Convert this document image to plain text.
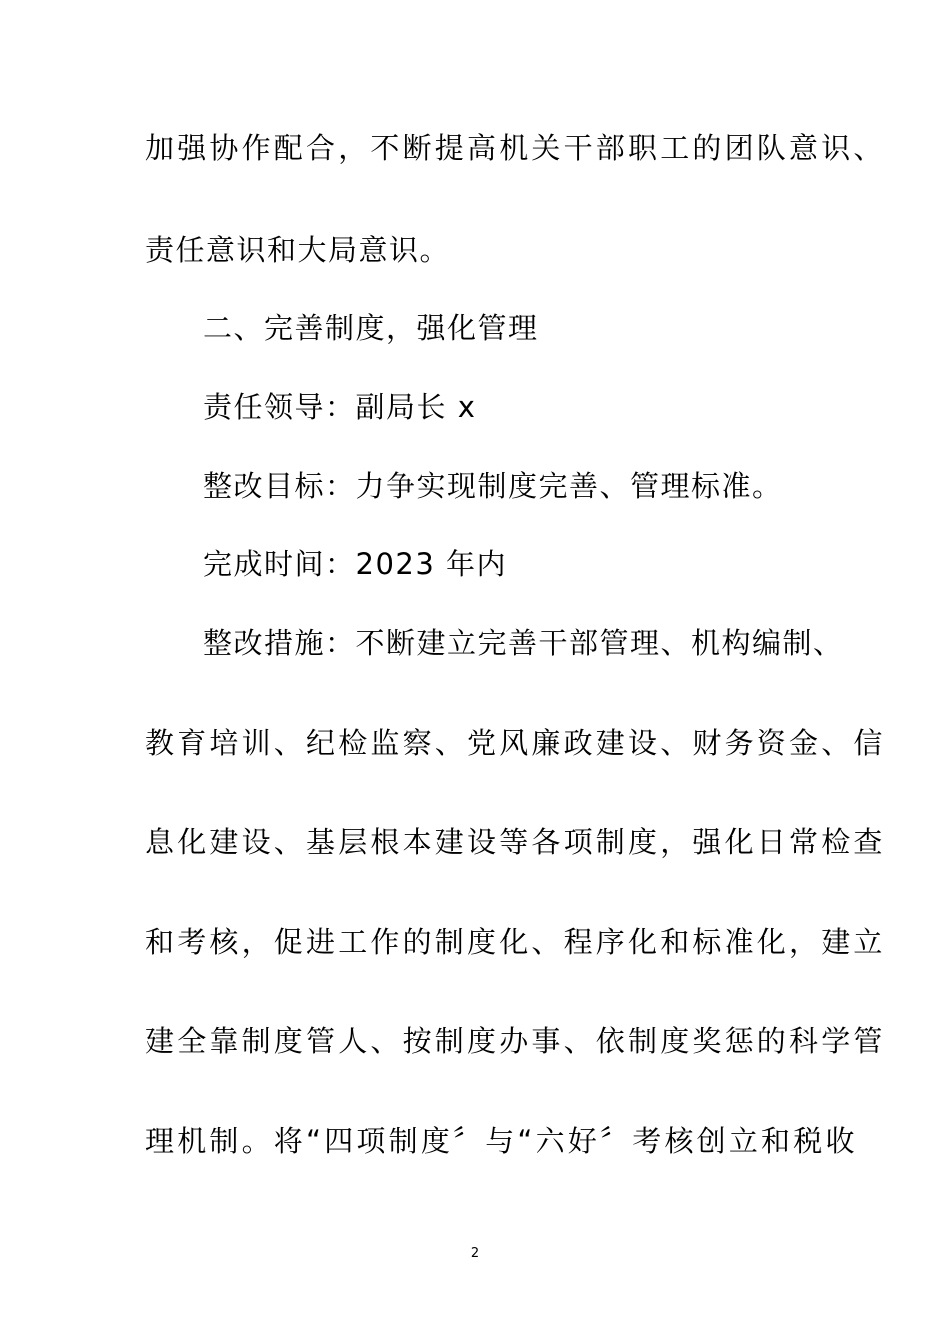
加强协作配合，不断提高机关干部职工的团队意识、
责任意识和大局意识。
二、完善制度，强化管理
责任领导：副局长 x
整改目标：力争实现制度完善、管理标准。
完成时间：2023 年内
整改措施：不断建立完善干部管理、机构编制、
教育培训、纪检监察、党风廉政建设、财务资金、信
息化建设、基层根本建设等各项制度，强化日常检查
和考核，促进工作的制度化、程序化和标准化，建立
建全靠制度管人、按制度办事、依制度奖惩的科学管
理机制。将“四项制度〞与“六好〞考核创立和税收
2
